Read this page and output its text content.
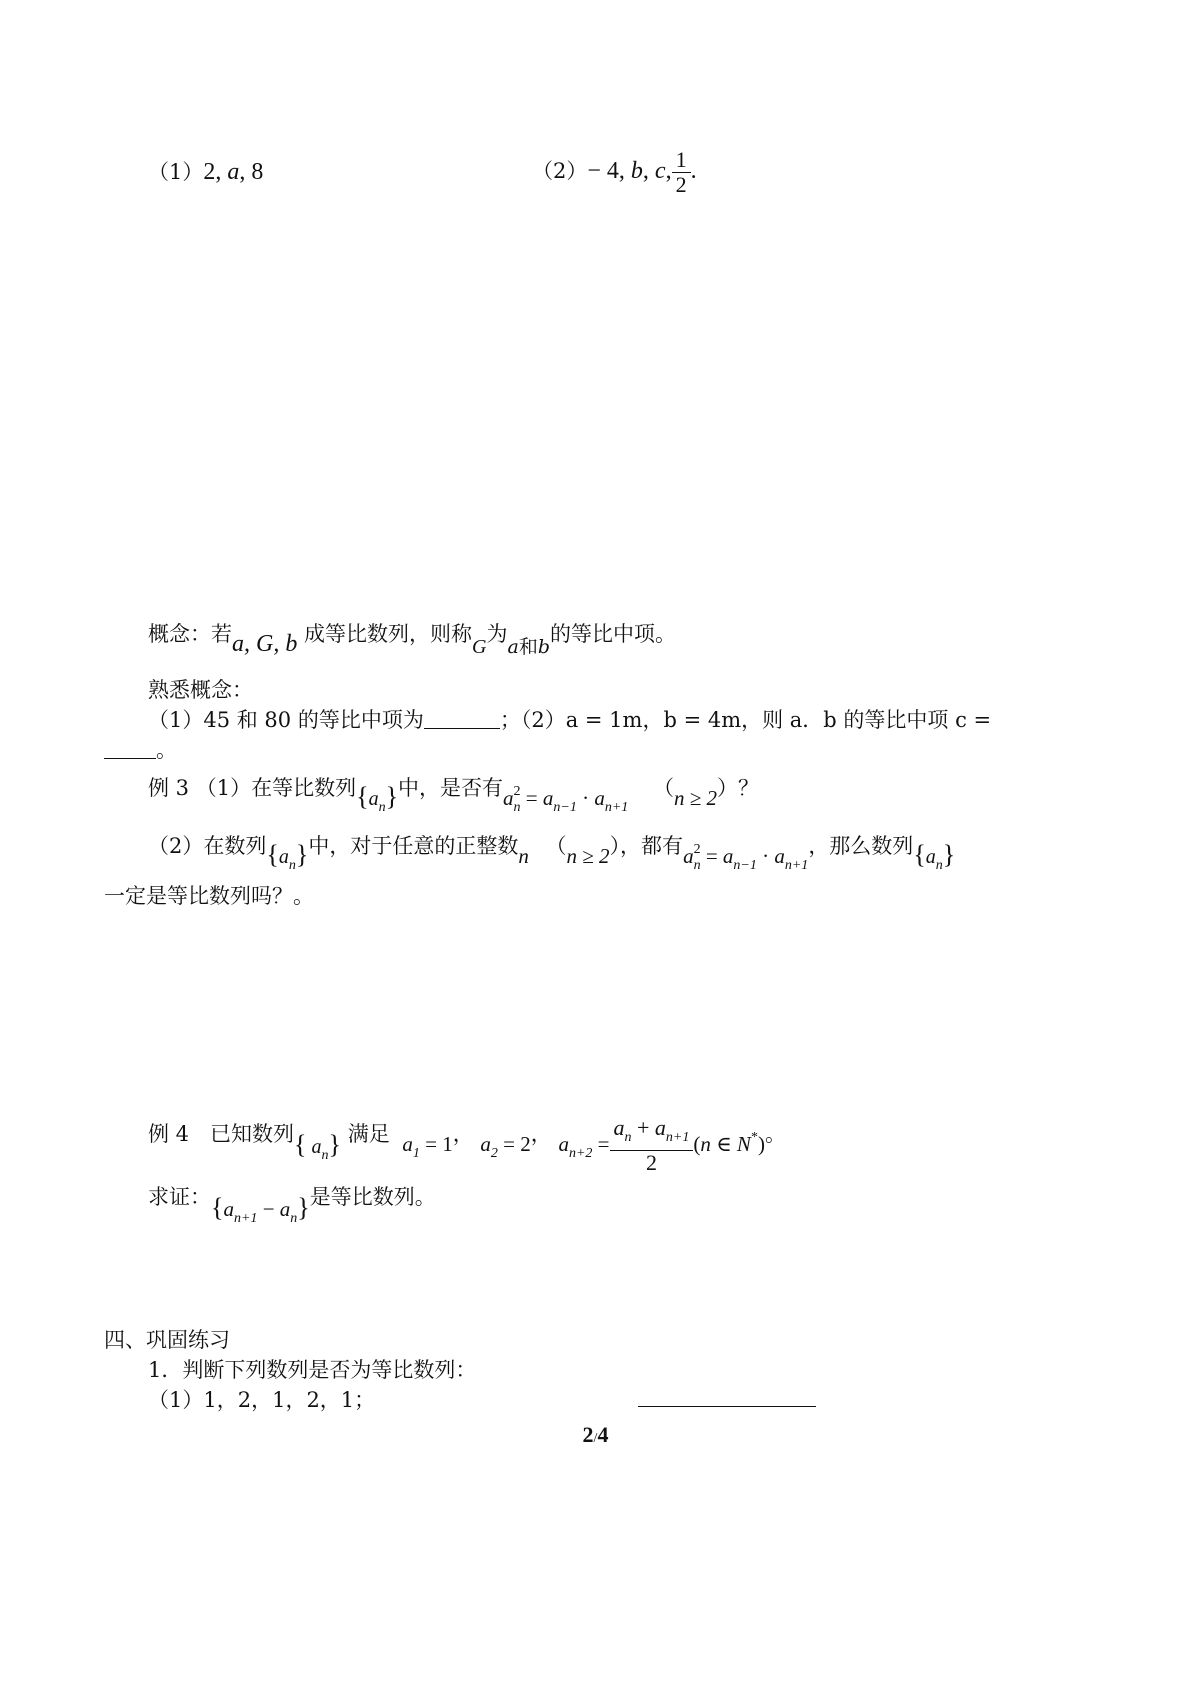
（1）2, a, 8	（2）− 4, b, c, $\frac{1}{2}$ .
概念：若a, G, b 成等比数列，则称G为a和b的等比中项。
熟悉概念：
（1）45 和 80 的等比中项为	；（2）a = 1m，b = 4m，则 a．b 的等比中项 c =
。
例 3 （1）在等比数列$\{a_n\}$中，是否有$a_n^2 = a_{n-1} \cdot a_{n+1}$ （n ≥ 2）？
（2）在数列$\{a_n\}$中，对于任意的正整数n （n ≥ 2），都有$a_n^2 = a_{n-1} \cdot a_{n+1}$，那么数列$\{a_n\}$
一定是等比数列吗？。
例 4　已知数列{ $a_n$} 满足 $a_1 = 1$， $a_2 = 2$， $a_{n+2} = \frac{a_n + a_{n+1}}{2} (n$ ∈ N*)。
求证：$\{a_{n+1} - a_n\}$是等比数列。
四、巩固练习
1．判断下列数列是否为等比数列：
（1）1，2，1，2，1；
2/4
